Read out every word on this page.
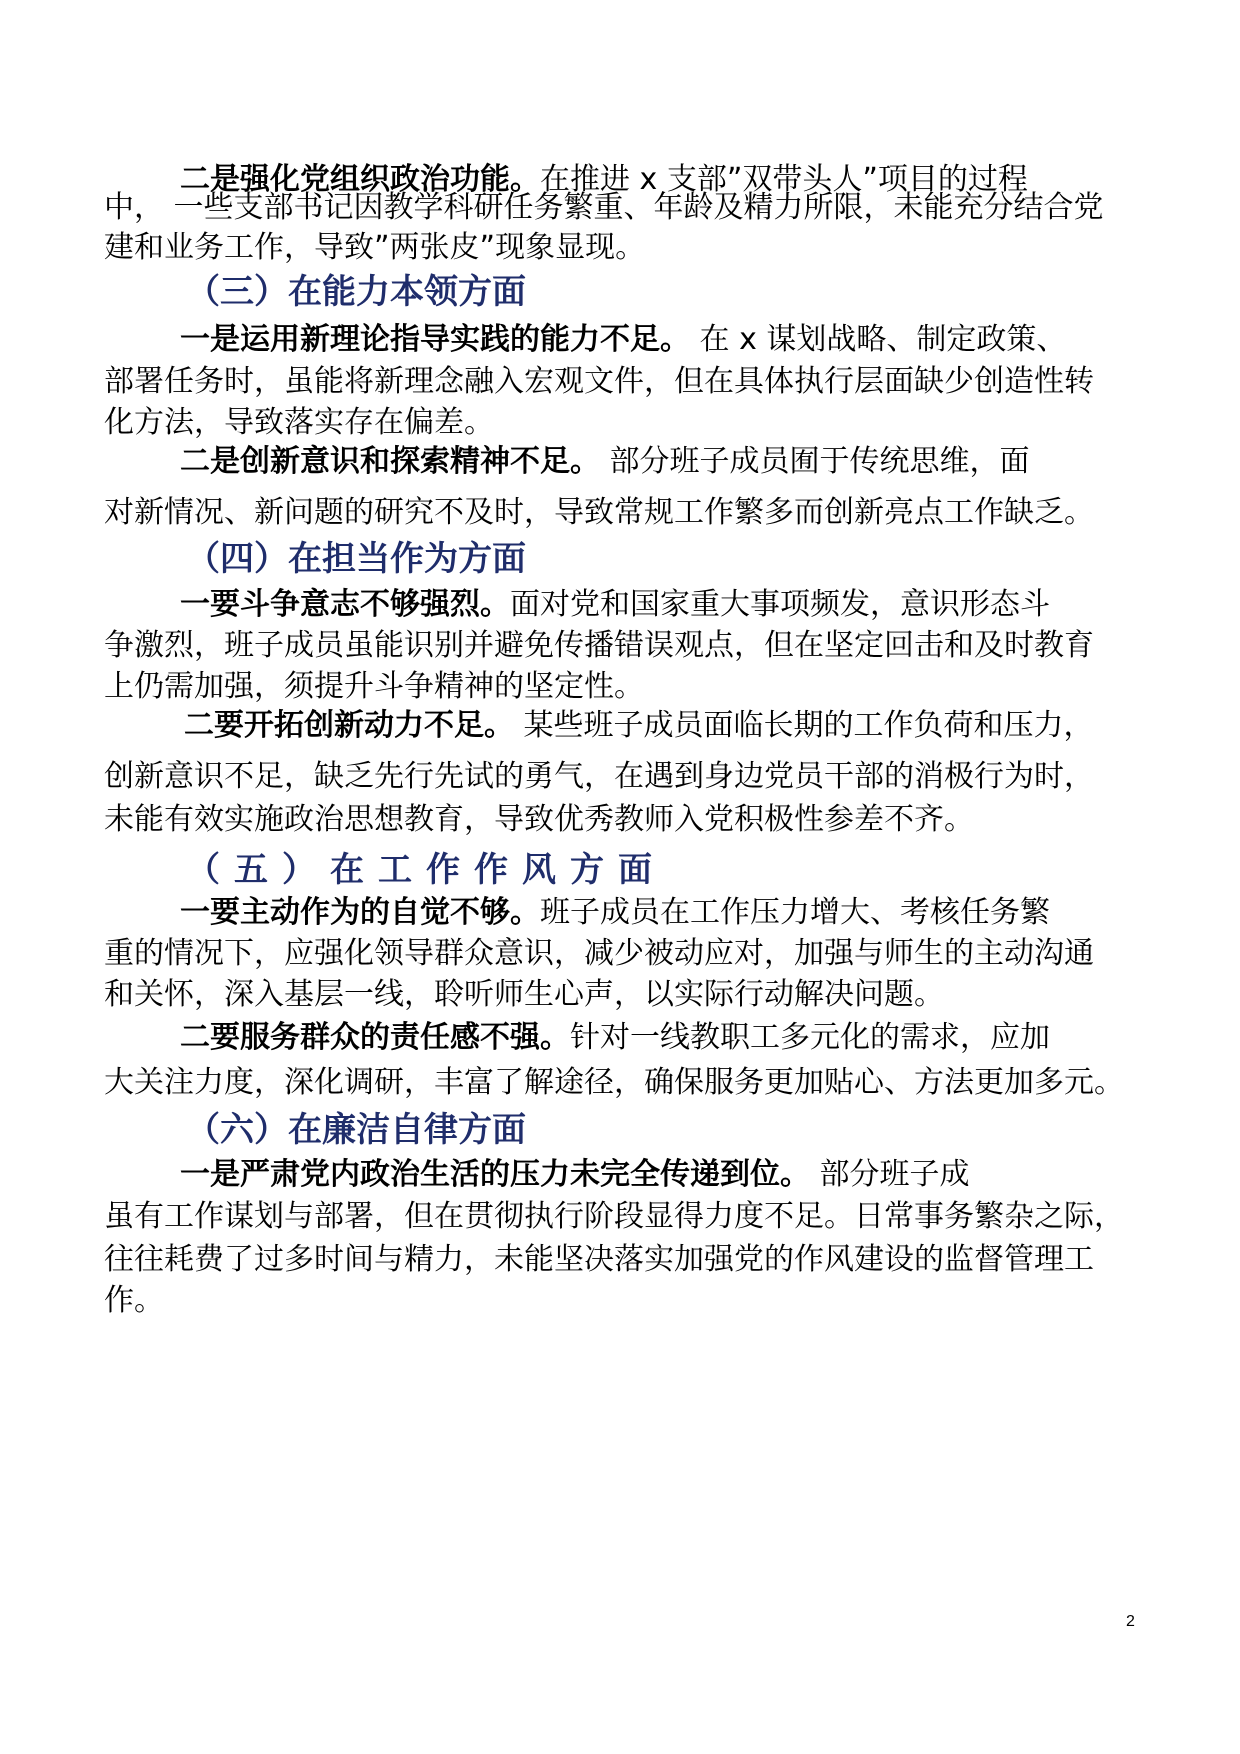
二是强化党组织政治功能。在推进 x 支部”双带头人”项目的过程
中， 一些支部书记因教学科研任务繁重、年龄及精力所限，未能充分结合党
建和业务工作，导致”两张皮”现象显现。
（三）在能力本领方面
一是运用新理论指导实践的能力不足。 在 x 谋划战略、制定政策、
部署任务时，虽能将新理念融入宏观文件，但在具体执行层面缺少创造性转
化方法，导致落实存在偏差。
二是创新意识和探索精神不足。 部分班子成员囿于传统思维，面
对新情况、新问题的研究不及时，导致常规工作繁多而创新亮点工作缺乏。
（四）在担当作为方面
一要斗争意志不够强烈。面对党和国家重大事项频发，意识形态斗
争激烈，班子成员虽能识别并避免传播错误观点，但在坚定回击和及时教育
上仍需加强，须提升斗争精神的坚定性。
二要开拓创新动力不足。 某些班子成员面临长期的工作负荷和压力，
创新意识不足，缺乏先行先试的勇气，在遇到身边党员干部的消极行为时，
未能有效实施政治思想教育，导致优秀教师入党积极性参差不齐。
（五）在工作作风方面
一要主动作为的自觉不够。班子成员在工作压力增大、考核任务繁
重的情况下，应强化领导群众意识，减少被动应对，加强与师生的主动沟通
和关怀，深入基层一线，聆听师生心声，以实际行动解决问题。
二要服务群众的责任感不强。针对一线教职工多元化的需求，应加
大关注力度，深化调研，丰富了解途径，确保服务更加贴心、方法更加多元。
（六）在廉洁自律方面
一是严肃党内政治生活的压力未完全传递到位。 部分班子成
虽有工作谋划与部署，但在贯彻执行阶段显得力度不足。日常事务繁杂之际，
往往耗费了过多时间与精力，未能坚决落实加强党的作风建设的监督管理工
作。
2
